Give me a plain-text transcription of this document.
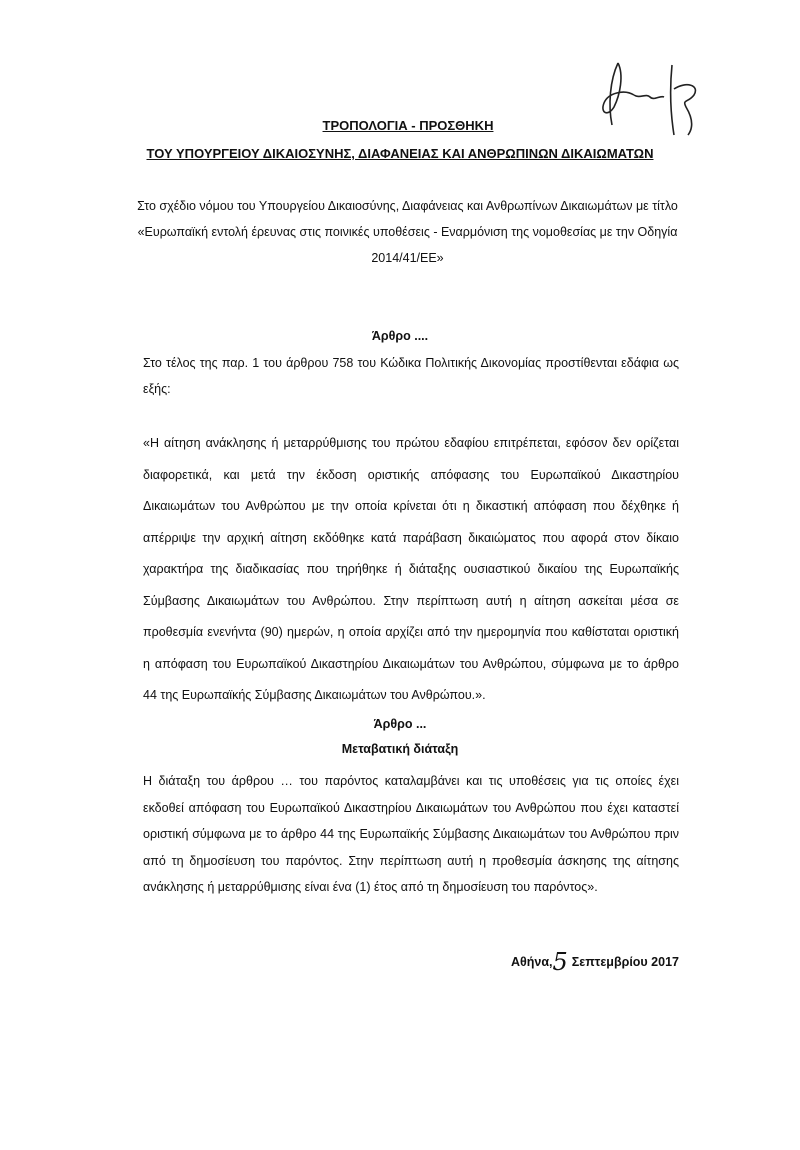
ΤΡΟΠΟΛΟΓΙΑ - ΠΡΟΣΘΗΚΗ
ΤΟΥ ΥΠΟΥΡΓΕΙΟΥ ΔΙΚΑΙΟΣΥΝΗΣ, ΔΙΑΦΑΝΕΙΑΣ ΚΑΙ ΑΝΘΡΩΠΙΝΩΝ ΔΙΚΑΙΩΜΑΤΩΝ
Στο σχέδιο νόμου του Υπουργείου Δικαιοσύνης, Διαφάνειας και Ανθρωπίνων Δικαιωμάτων με τίτλο «Ευρωπαϊκή εντολή έρευνας στις ποινικές υποθέσεις - Εναρμόνιση της νομοθεσίας με την Οδηγία 2014/41/ΕΕ»
Άρθρο ....
Στο τέλος της παρ. 1 του άρθρου 758 του Κώδικα Πολιτικής Δικονομίας προστίθενται εδάφια ως εξής:
«Η αίτηση ανάκλησης ή μεταρρύθμισης του πρώτου εδαφίου επιτρέπεται, εφόσον δεν ορίζεται διαφορετικά, και μετά την έκδοση οριστικής απόφασης του Ευρωπαϊκού Δικαστηρίου Δικαιωμάτων του Ανθρώπου με την οποία κρίνεται ότι η δικαστική απόφαση που δέχθηκε ή απέρριψε την αρχική αίτηση εκδόθηκε κατά παράβαση δικαιώματος που αφορά στον δίκαιο χαρακτήρα της διαδικασίας που τηρήθηκε ή διάταξης ουσιαστικού δικαίου της Ευρωπαϊκής Σύμβασης Δικαιωμάτων του Ανθρώπου. Στην περίπτωση αυτή η αίτηση ασκείται μέσα σε προθεσμία ενενήντα (90) ημερών, η οποία αρχίζει από την ημερομηνία που καθίσταται οριστική η απόφαση του Ευρωπαϊκού Δικαστηρίου Δικαιωμάτων του Ανθρώπου, σύμφωνα με το άρθρο 44 της Ευρωπαϊκής Σύμβασης Δικαιωμάτων του Ανθρώπου.».
Άρθρο ...
Μεταβατική διάταξη
Η διάταξη του άρθρου … του παρόντος καταλαμβάνει και τις υποθέσεις για τις οποίες έχει εκδοθεί απόφαση του Ευρωπαϊκού Δικαστηρίου Δικαιωμάτων του Ανθρώπου που έχει καταστεί οριστική σύμφωνα με το άρθρο 44 της Ευρωπαϊκής Σύμβασης Δικαιωμάτων του Ανθρώπου πριν από τη δημοσίευση του παρόντος. Στην περίπτωση αυτή η προθεσμία άσκησης της αίτησης ανάκλησης ή μεταρρύθμισης είναι ένα (1) έτος από τη δημοσίευση του παρόντος».
Αθήνα,5 Σεπτεμβρίου 2017
